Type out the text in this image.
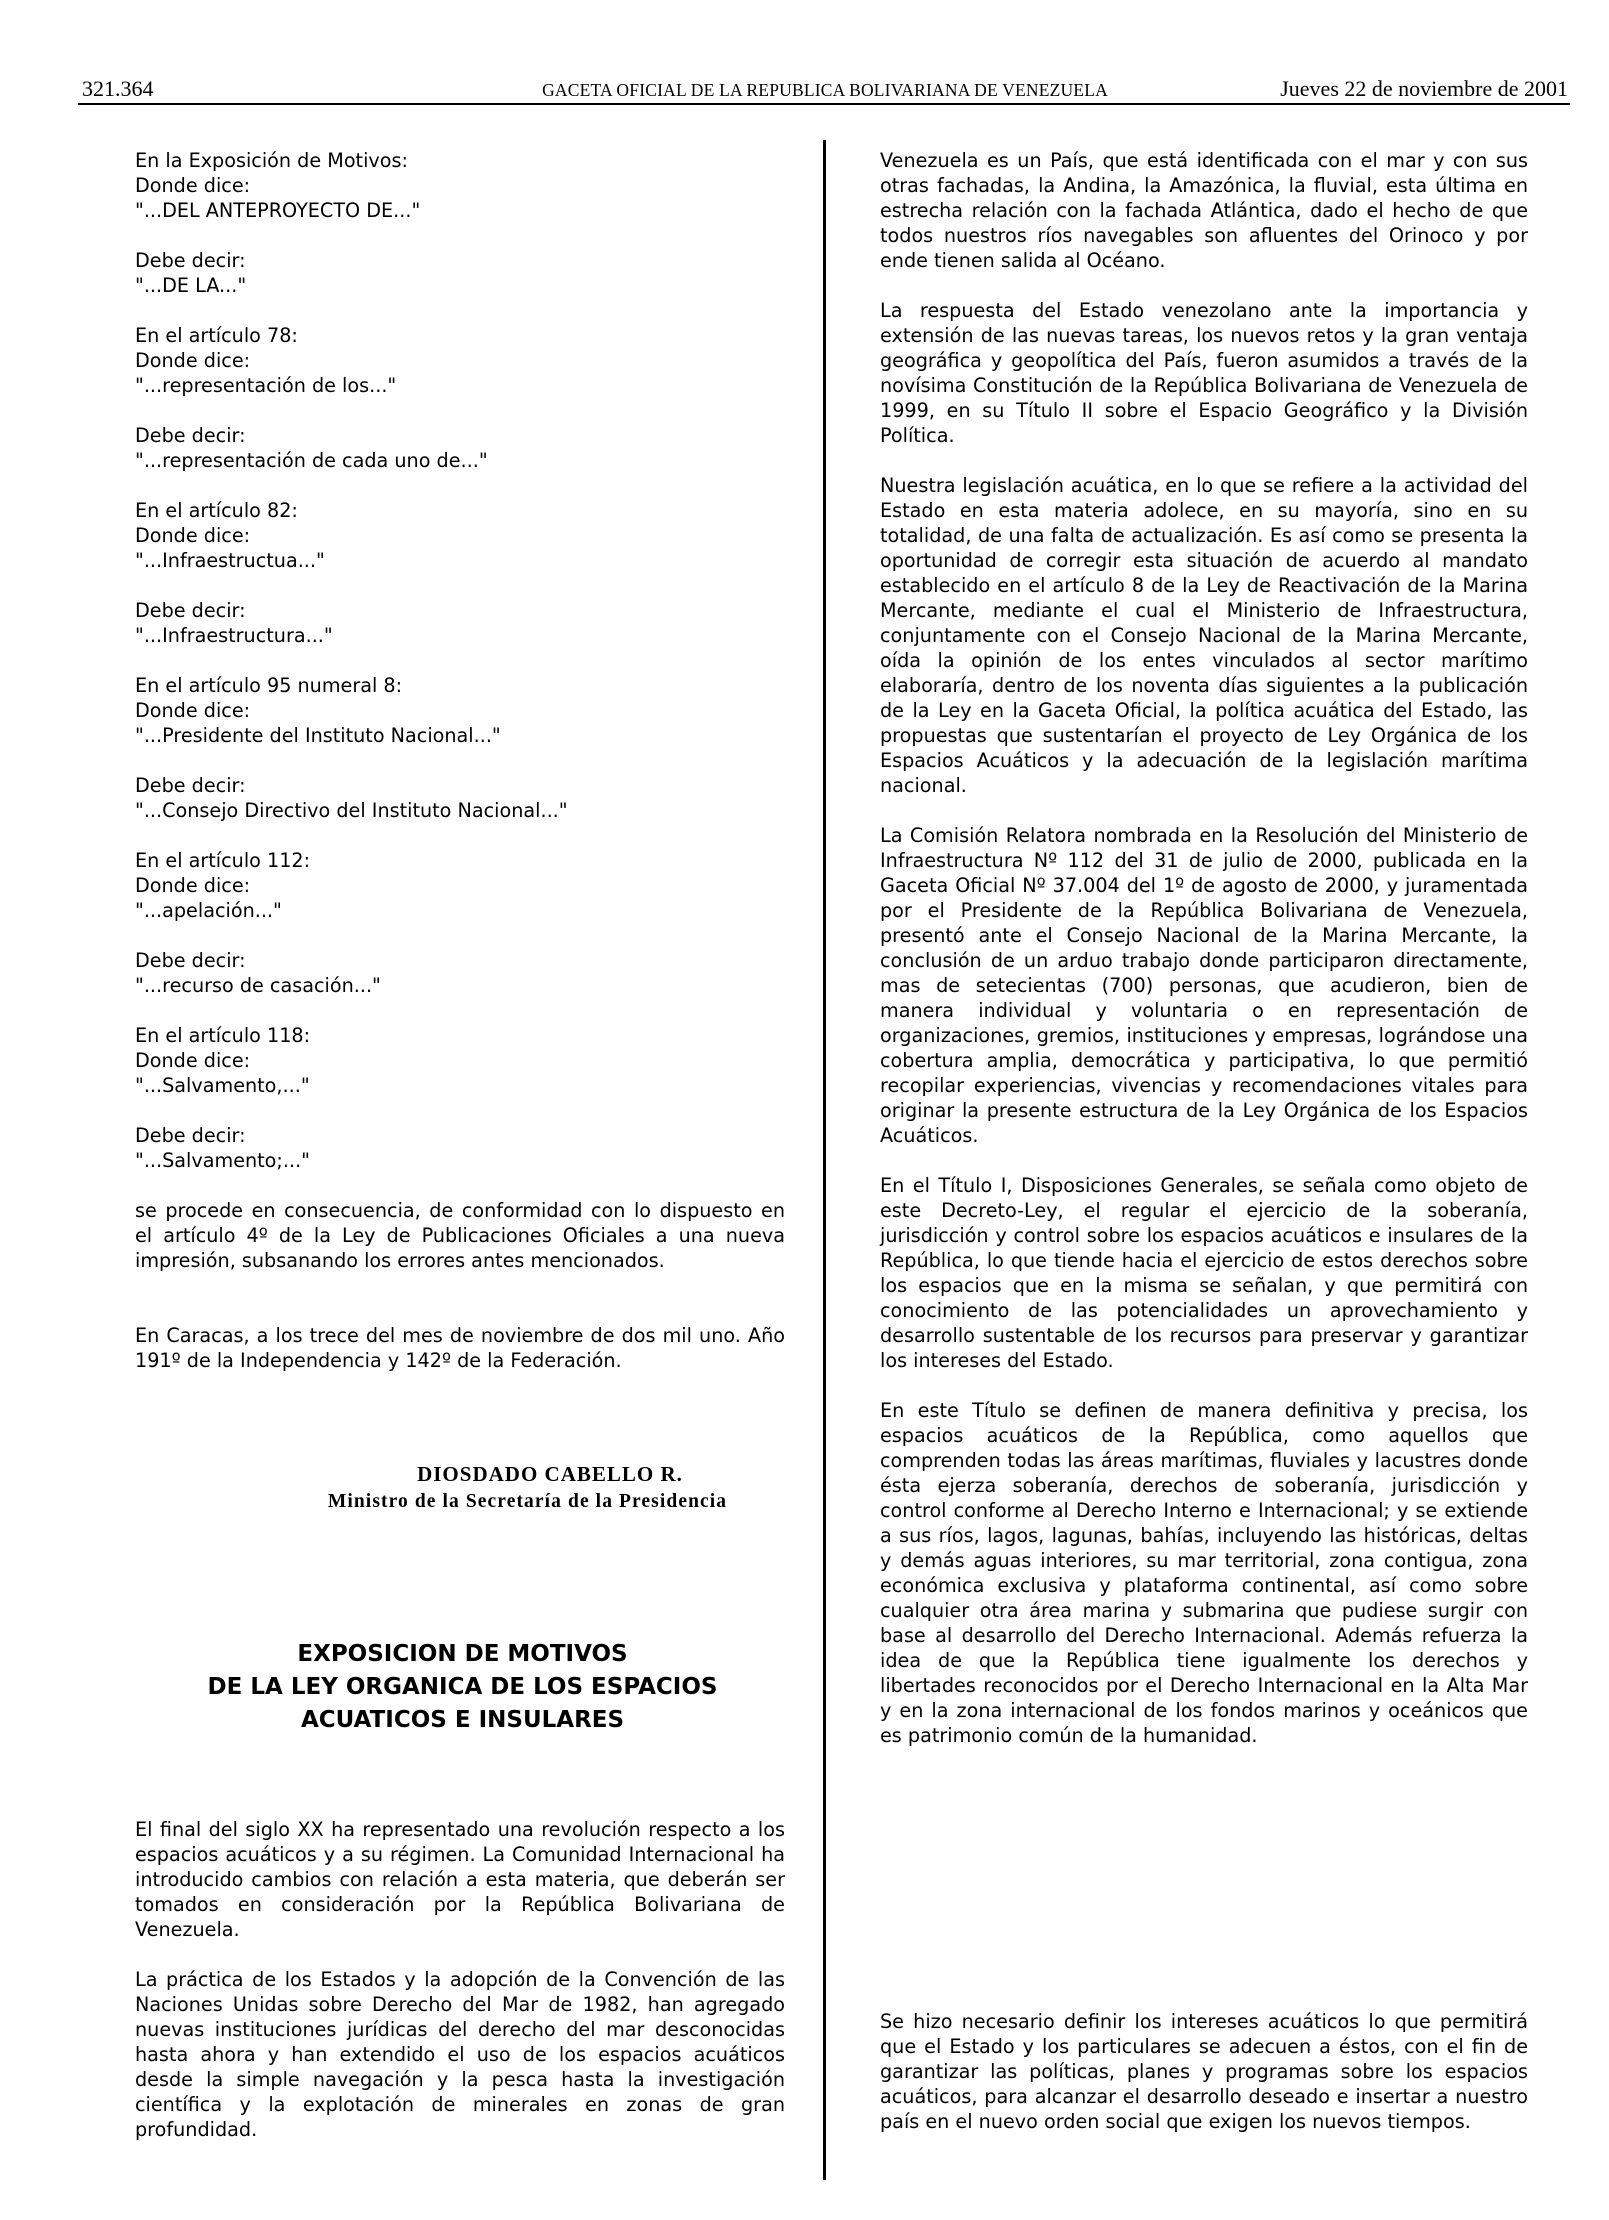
321.364	GACETA OFICIAL DE LA REPUBLICA BOLIVARIANA DE VENEZUELA	Jueves 22 de noviembre de 2001

En la Exposición de Motivos:

Donde dice:

"...DEL ANTEPROYECTO DE..."

Debe decir:

"...DE LA..."

En el artículo 78:

Donde dice:

"...representación de los..."

Debe decir:

"...representación de cada uno de..."

En el artículo 82:

Donde dice:

"...Infraestructua..."

Debe decir:

"...Infraestructura..."

En el artículo 95 numeral 8:

Donde dice:

"...Presidente del Instituto Nacional..."

Debe decir:

"...Consejo Directivo del Instituto Nacional..."

En el artículo 112:

Donde dice:

"...apelación..."

Debe decir:

"...recurso de casación..."

En el artículo 118:

Donde dice:

"...Salvamento,..."

Debe decir:

"...Salvamento;..."

se procede en consecuencia, de conformidad con lo dispuesto en el artículo 4º de la Ley de Publicaciones Oficiales a una nueva impresión, subsanando los errores antes mencionados.

En Caracas, a los trece del mes de noviembre de dos mil uno. Año 191º de la Independencia y 142º de la Federación.

DIOSDADO CABELLO R.

Ministro de la Secretaría de la Presidencia

EXPOSICION DE MOTIVOS

DE LA LEY ORGANICA DE LOS ESPACIOS

ACUATICOS E INSULARES

El final del siglo XX ha representado una revolución respecto a los espacios acuáticos y a su régimen. La Comunidad Internacional ha introducido cambios con relación a esta materia, que deberán ser tomados en consideración por la República Bolivariana de Venezuela.

La práctica de los Estados y la adopción de la Convención de las Naciones Unidas sobre Derecho del Mar de 1982, han agregado nuevas instituciones jurídicas del derecho del mar desconocidas hasta ahora y han extendido el uso de los espacios acuáticos desde la simple navegación y la pesca hasta la investigación científica y la explotación de minerales en zonas de gran profundidad.

Venezuela es un País, que está identificada con el mar y con sus otras fachadas, la Andina, la Amazónica, la fluvial, esta última en estrecha relación con la fachada Atlántica, dado el hecho de que todos nuestros ríos navegables son afluentes del Orinoco y por ende tienen salida al Océano.

La respuesta del Estado venezolano ante la importancia y extensión de las nuevas tareas, los nuevos retos y la gran ventaja geográfica y geopolítica del País, fueron asumidos a través de la novísima Constitución de la República Bolivariana de Venezuela de 1999, en su Título II sobre el Espacio Geográfico y la División Política.

Nuestra legislación acuática, en lo que se refiere a la actividad del Estado en esta materia adolece, en su mayoría, sino en su totalidad, de una falta de actualización. Es así como se presenta la oportunidad de corregir esta situación de acuerdo al mandato establecido en el artículo 8 de la Ley de Reactivación de la Marina Mercante, mediante el cual el Ministerio de Infraestructura, conjuntamente con el Consejo Nacional de la Marina Mercante, oída la opinión de los entes vinculados al sector marítimo elaboraría, dentro de los noventa días siguientes a la publicación de la Ley en la Gaceta Oficial, la política acuática del Estado, las propuestas que sustentarían el proyecto de Ley Orgánica de los Espacios Acuáticos y la adecuación de la legislación marítima nacional.

La Comisión Relatora nombrada en la Resolución del Ministerio de Infraestructura Nº 112 del 31 de julio de 2000, publicada en la Gaceta Oficial Nº 37.004 del 1º de agosto de 2000, y juramentada por el Presidente de la República Bolivariana de Venezuela, presentó ante el Consejo Nacional de la Marina Mercante, la conclusión de un arduo trabajo donde participaron directamente, mas de setecientas (700) personas, que acudieron, bien de manera individual y voluntaria o en representación de organizaciones, gremios, instituciones y empresas, lográndose una cobertura amplia, democrática y participativa, lo que permitió recopilar experiencias, vivencias y recomendaciones vitales para originar la presente estructura de la Ley Orgánica de los Espacios Acuáticos.

En el Título I, Disposiciones Generales, se señala como objeto de este Decreto-Ley, el regular el ejercicio de la soberanía, jurisdicción y control sobre los espacios acuáticos e insulares de la República, lo que tiende hacia el ejercicio de estos derechos sobre los espacios que en la misma se señalan, y que permitirá con conocimiento de las potencialidades un aprovechamiento y desarrollo sustentable de los recursos para preservar y garantizar los intereses del Estado.

En este Título se definen de manera definitiva y precisa, los espacios acuáticos de la República, como aquellos que comprenden todas las áreas marítimas, fluviales y lacustres donde ésta ejerza soberanía, derechos de soberanía, jurisdicción y control conforme al Derecho Interno e Internacional; y se extiende a sus ríos, lagos, lagunas, bahías, incluyendo las históricas, deltas y demás aguas interiores, su mar territorial, zona contigua, zona económica exclusiva y plataforma continental, así como sobre cualquier otra área marina y submarina que pudiese surgir con base al desarrollo del Derecho Internacional. Además refuerza la idea de que la República tiene igualmente los derechos y libertades reconocidos por el Derecho Internacional en la Alta Mar y en la zona internacional de los fondos marinos y oceánicos que es patrimonio común de la humanidad.

Se hizo necesario definir los intereses acuáticos lo que permitirá que el Estado y los particulares se adecuen a éstos, con el fin de garantizar las políticas, planes y programas sobre los espacios acuáticos, para alcanzar el desarrollo deseado e insertar a nuestro país en el nuevo orden social que exigen los nuevos tiempos.
